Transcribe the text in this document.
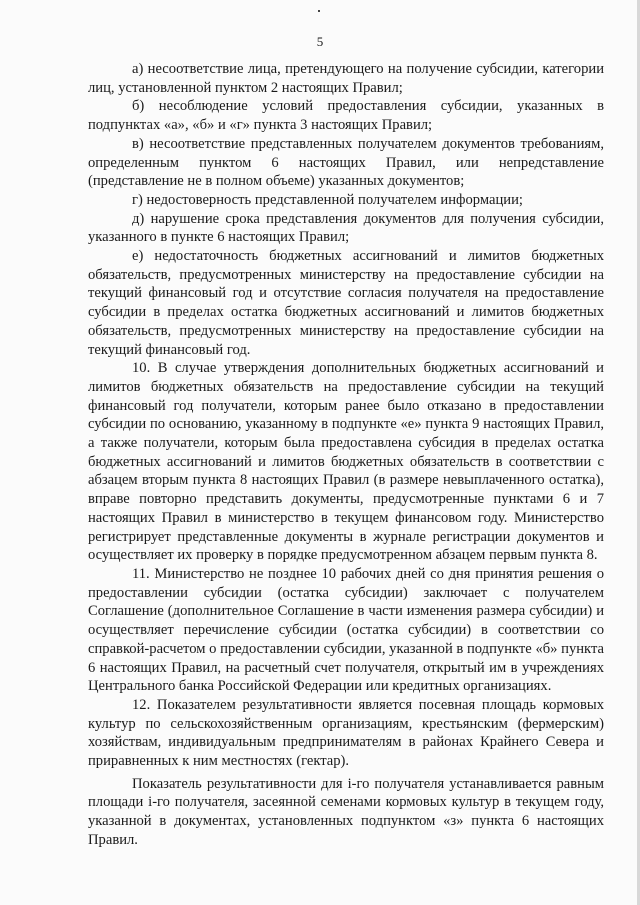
5

а) несоответствие лица, претендующего на получение субсидии, категории лиц, установленной пунктом 2 настоящих Правил;

б) несоблюдение условий предоставления субсидии, указанных в подпунктах «а», «б» и «г» пункта 3 настоящих Правил;

в) несоответствие представленных получателем документов требованиям, определенным пунктом 6 настоящих Правил, или непредставление (представление не в полном объеме) указанных документов;

г) недостоверность представленной получателем информации;

д) нарушение срока представления документов для получения субсидии, указанного в пункте 6 настоящих Правил;

е) недостаточность бюджетных ассигнований и лимитов бюджетных обязательств, предусмотренных министерству на предоставление субсидии на текущий финансовый год и отсутствие согласия получателя на предоставление субсидии в пределах остатка бюджетных ассигнований и лимитов бюджетных обязательств, предусмотренных министерству на предоставление субсидии на текущий финансовый год.

10. В случае утверждения дополнительных бюджетных ассигнований и лимитов бюджетных обязательств на предоставление субсидии на текущий финансовый год получатели, которым ранее было отказано в предоставлении субсидии по основанию, указанному в подпункте «е» пункта 9 настоящих Правил, а также получатели, которым была предоставлена субсидия в пределах остатка бюджетных ассигнований и лимитов бюджетных обязательств в соответствии с абзацем вторым пункта 8 настоящих Правил (в размере невыплаченного остатка), вправе повторно представить документы, предусмотренные пунктами 6 и 7 настоящих Правил в министерство в текущем финансовом году. Министерство регистрирует представленные документы в журнале регистрации документов и осуществляет их проверку в порядке предусмотренном абзацем первым пункта 8.

11. Министерство не позднее 10 рабочих дней со дня принятия решения о предоставлении субсидии (остатка субсидии) заключает с получателем Соглашение (дополнительное Соглашение в части изменения размера субсидии) и осуществляет перечисление субсидии (остатка субсидии) в соответствии со справкой-расчетом о предоставлении субсидии, указанной в подпункте «б» пункта 6 настоящих Правил, на расчетный счет получателя, открытый им в учреждениях Центрального банка Российской Федерации или кредитных организациях.

12. Показателем результативности является посевная площадь кормовых культур по сельскохозяйственным организациям, крестьянским (фермерским) хозяйствам, индивидуальным предпринимателям в районах Крайнего Севера и приравненных к ним местностях (гектар).

Показатель результативности для i-го получателя устанавливается равным площади i-го получателя, засеянной семенами кормовых культур в текущем году, указанной в документах, установленных подпунктом «з» пункта 6 настоящих Правил.
